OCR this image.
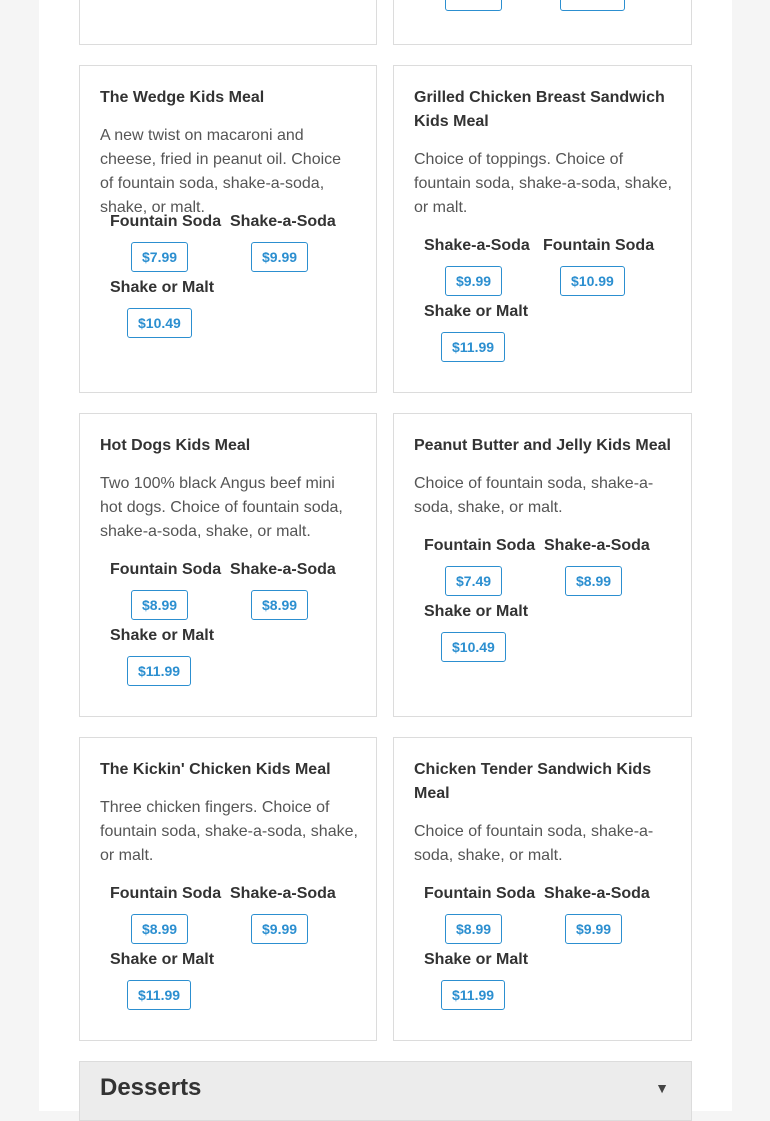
The Wedge Kids Meal

A new twist on macaroni and cheese, fried in peanut oil. Choice of fountain soda, shake-a-soda, shake, or malt.

Fountain Soda
$7.99
Shake-a-Soda
$9.99
Shake or Malt
$10.49
Grilled Chicken Breast Sandwich Kids Meal

Choice of toppings. Choice of fountain soda, shake-a-soda, shake, or malt.

Shake-a-Soda
$9.99
Fountain Soda
$10.99
Shake or Malt
$11.99
Hot Dogs Kids Meal

Two 100% black Angus beef mini hot dogs. Choice of fountain soda, shake-a-soda, shake, or malt.

Fountain Soda
$8.99
Shake-a-Soda
$8.99
Shake or Malt
$11.99
Peanut Butter and Jelly Kids Meal

Choice of fountain soda, shake-a-soda, shake, or malt.

Fountain Soda
$7.49
Shake-a-Soda
$8.99
Shake or Malt
$10.49
The Kickin' Chicken Kids Meal

Three chicken fingers. Choice of fountain soda, shake-a-soda, shake, or malt.

Fountain Soda
$8.99
Shake-a-Soda
$9.99
Shake or Malt
$11.99
Chicken Tender Sandwich Kids Meal

Choice of fountain soda, shake-a-soda, shake, or malt.

Fountain Soda
$8.99
Shake-a-Soda
$9.99
Shake or Malt
$11.99
Desserts	▼
